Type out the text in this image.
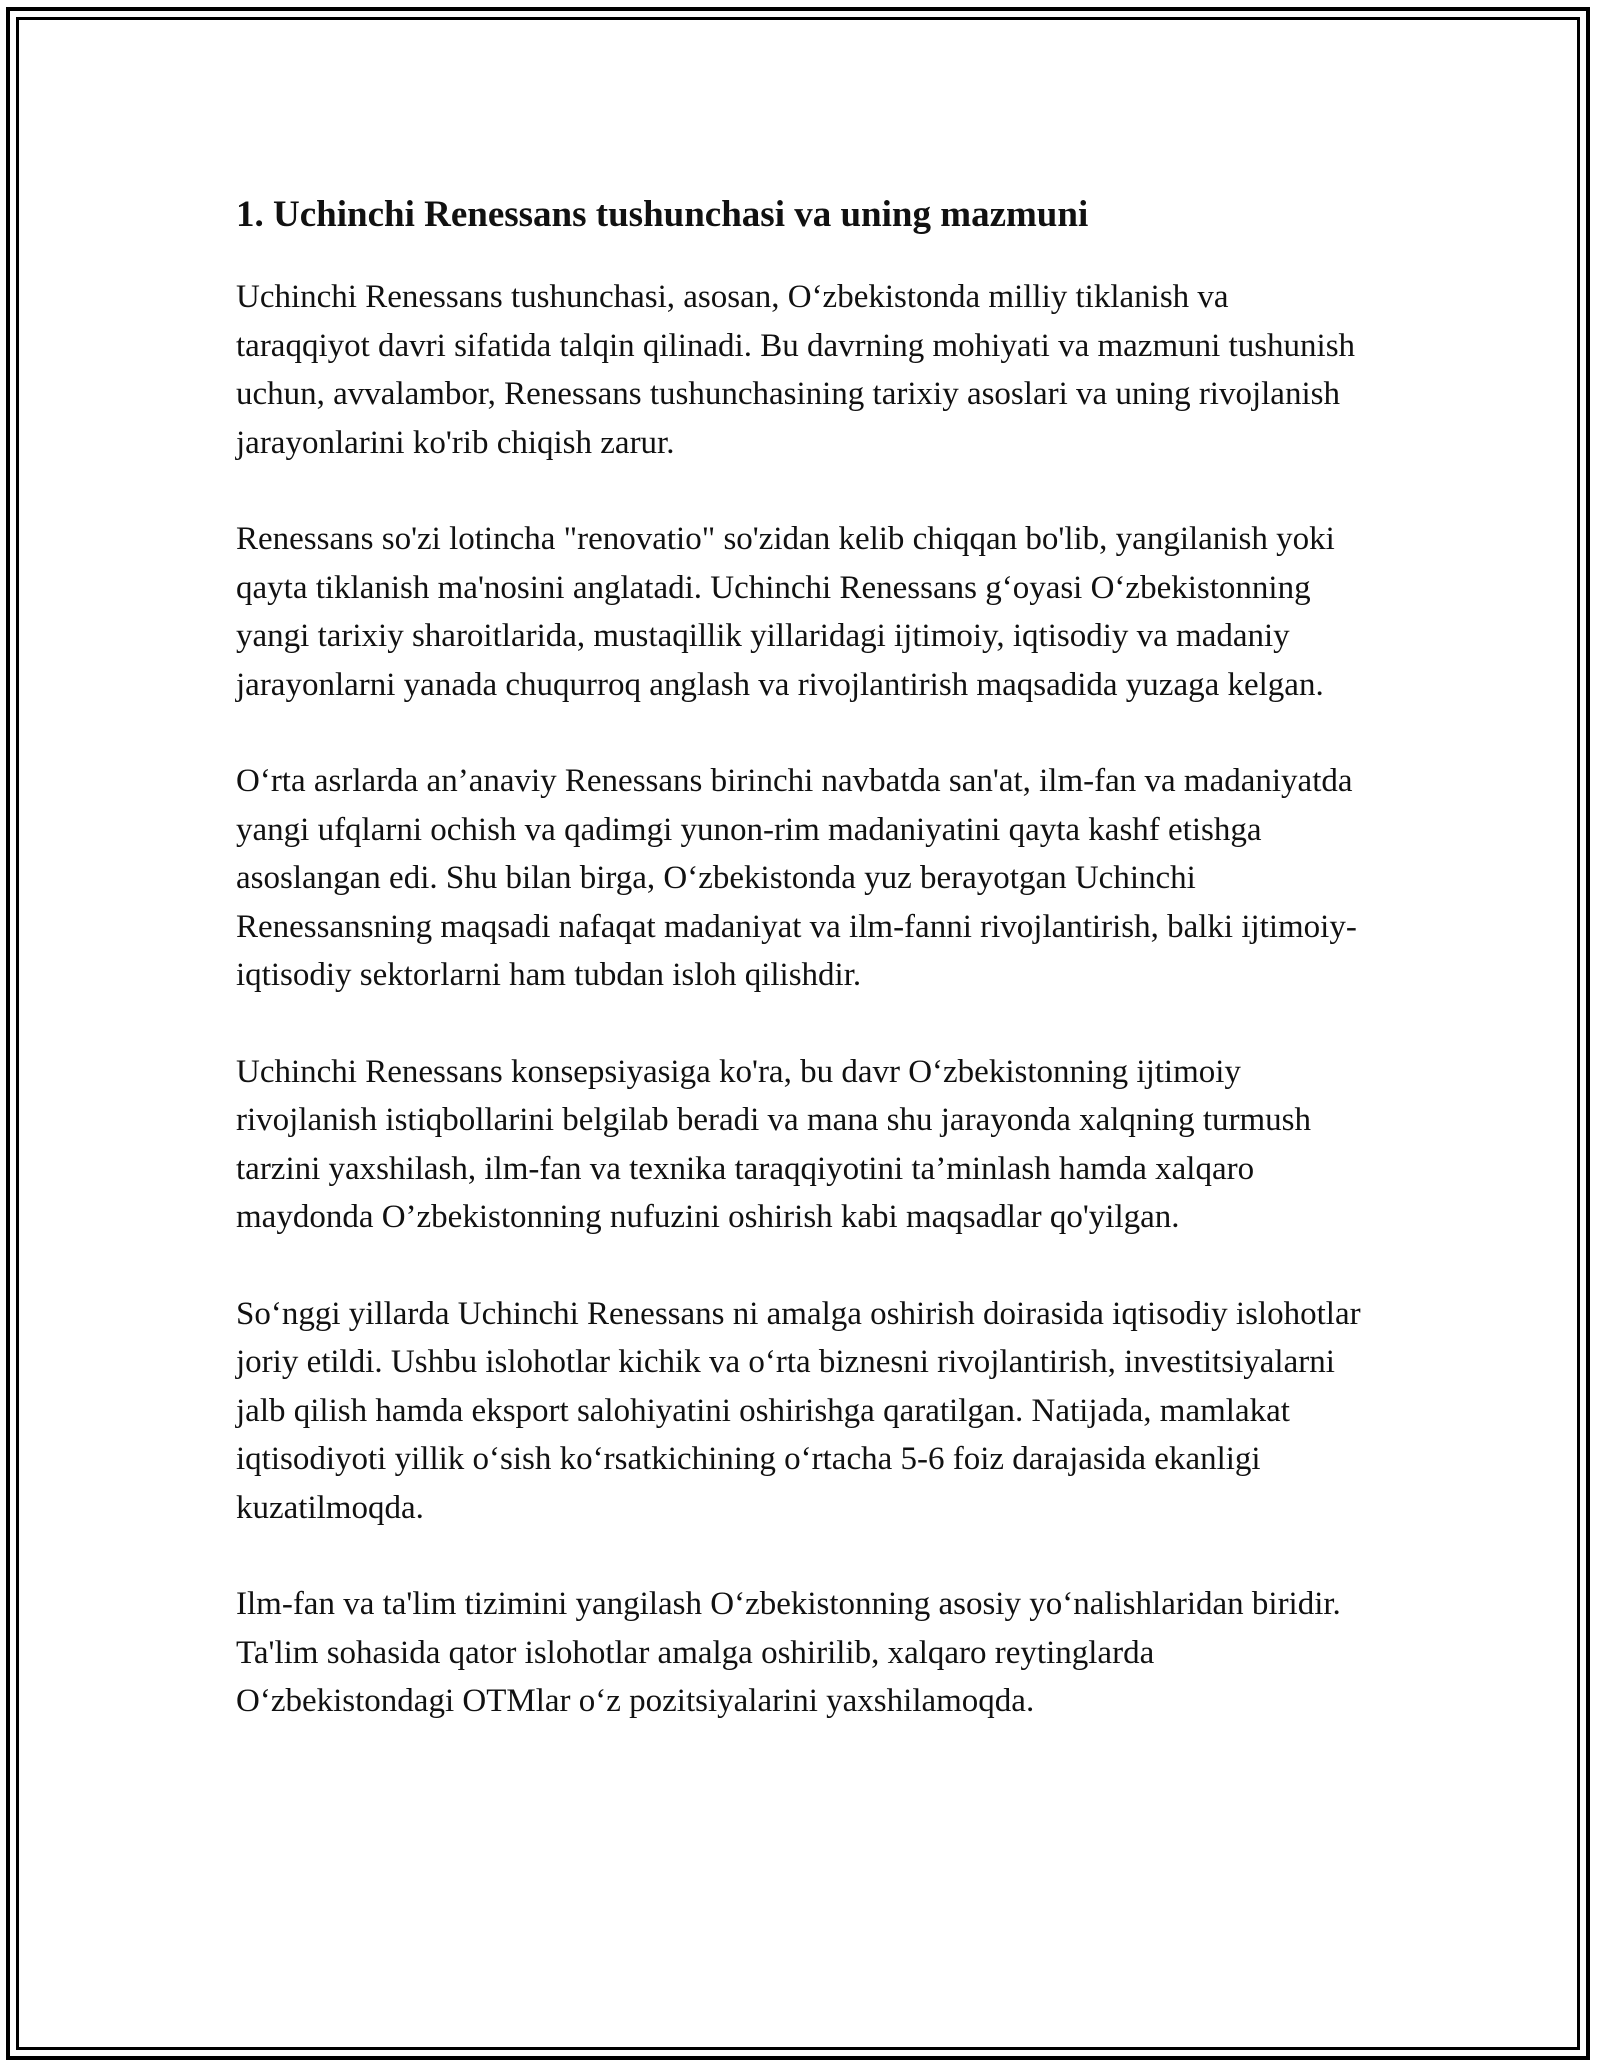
1. Uchinchi Renessans tushunchasi va uning mazmuni

Uchinchi Renessans tushunchasi, asosan, O‘zbekistonda milliy tiklanish va taraqqiyot davri sifatida talqin qilinadi. Bu davrning mohiyati va mazmuni tushunish uchun, avvalambor, Renessans tushunchasining tarixiy asoslari va uning rivojlanish jarayonlarini ko'rib chiqish zarur.

Renessans so'zi lotincha "renovatio" so'zidan kelib chiqqan bo'lib, yangilanish yoki qayta tiklanish ma'nosini anglatadi. Uchinchi Renessans g‘oyasi O‘zbekistonning yangi tarixiy sharoitlarida, mustaqillik yillaridagi ijtimoiy, iqtisodiy va madaniy jarayonlarni yanada chuqurroq anglash va rivojlantirish maqsadida yuzaga kelgan.

O‘rta asrlarda an’anaviy Renessans birinchi navbatda san'at, ilm-fan va madaniyatda yangi ufqlarni ochish va qadimgi yunon-rim madaniyatini qayta kashf etishga asoslangan edi. Shu bilan birga, O‘zbekistonda yuz berayotgan Uchinchi Renessansning maqsadi nafaqat madaniyat va ilm-fanni rivojlantirish, balki ijtimoiy-iqtisodiy sektorlarni ham tubdan isloh qilishdir.

Uchinchi Renessans konsepsiyasiga ko'ra, bu davr O‘zbekistonning ijtimoiy rivojlanish istiqbollarini belgilab beradi va mana shu jarayonda xalqning turmush tarzini yaxshilash, ilm-fan va texnika taraqqiyotini ta’minlash hamda xalqaro maydonda O’zbekistonning nufuzini oshirish kabi maqsadlar qo'yilgan.

So‘nggi yillarda Uchinchi Renessans ni amalga oshirish doirasida iqtisodiy islohotlar joriy etildi. Ushbu islohotlar kichik va o‘rta biznesni rivojlantirish, investitsiyalarni jalb qilish hamda eksport salohiyatini oshirishga qaratilgan. Natijada, mamlakat iqtisodiyoti yillik o‘sish ko‘rsatkichining o‘rtacha 5-6 foiz darajasida ekanligi kuzatilmoqda.

Ilm-fan va ta'lim tizimini yangilash O‘zbekistonning asosiy yo‘nalishlaridan biridir. Ta'lim sohasida qator islohotlar amalga oshirilib, xalqaro reytinglarda O‘zbekistondagi OTMlar o‘z pozitsiyalarini yaxshilamoqda.
